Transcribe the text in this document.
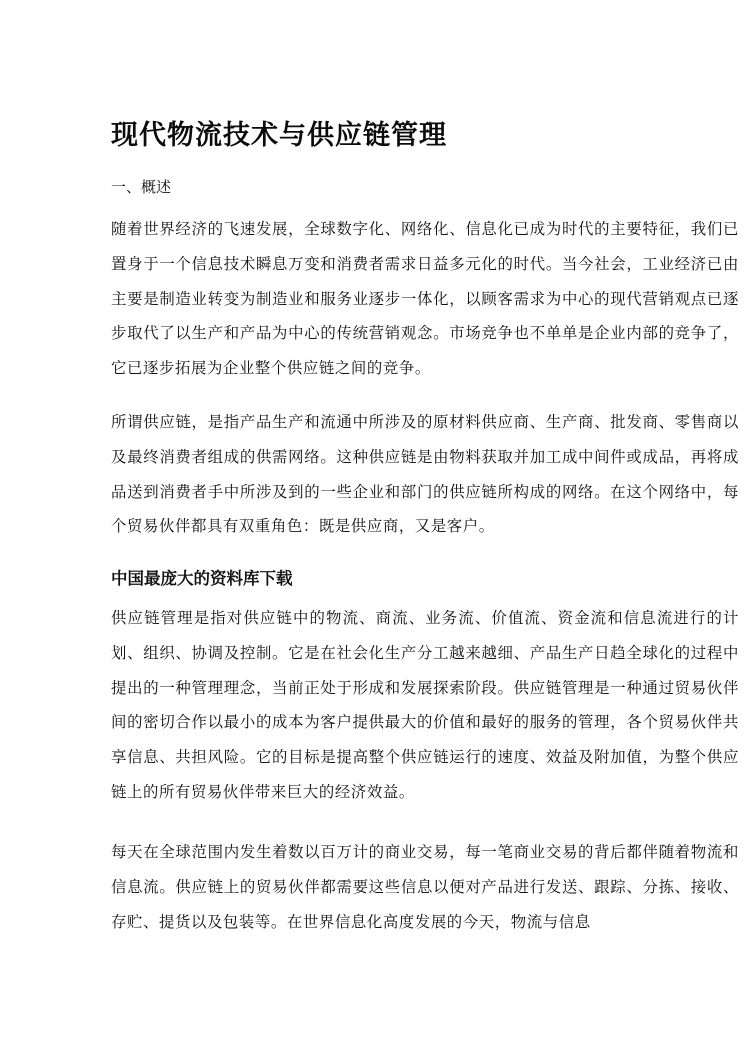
现代物流技术与供应链管理
一、概述

随着世界经济的飞速发展，全球数字化、网络化、信息化已成为时代的主要特征，我们已置身于一个信息技术瞬息万变和消费者需求日益多元化的时代。当今社会，工业经济已由主要是制造业转变为制造业和服务业逐步一体化，以顾客需求为中心的现代营销观点已逐步取代了以生产和产品为中心的传统营销观念。市场竞争也不单单是企业内部的竞争了，它已逐步拓展为企业整个供应链之间的竞争。

所谓供应链，是指产品生产和流通中所涉及的原材料供应商、生产商、批发商、零售商以及最终消费者组成的供需网络。这种供应链是由物料获取并加工成中间件或成品，再将成品送到消费者手中所涉及到的一些企业和部门的供应链所构成的网络。在这个网络中，每个贸易伙伴都具有双重角色：既是供应商，又是客户。

中国最庞大的资料库下载

供应链管理是指对供应链中的物流、商流、业务流、价值流、资金流和信息流进行的计划、组织、协调及控制。它是在社会化生产分工越来越细、产品生产日趋全球化的过程中提出的一种管理理念，当前正处于形成和发展探索阶段。供应链管理是一种通过贸易伙伴间的密切合作以最小的成本为客户提供最大的价值和最好的服务的管理，各个贸易伙伴共享信息、共担风险。它的目标是提高整个供应链运行的速度、效益及附加值，为整个供应链上的所有贸易伙伴带来巨大的经济效益。

每天在全球范围内发生着数以百万计的商业交易，每一笔商业交易的背后都伴随着物流和信息流。供应链上的贸易伙伴都需要这些信息以便对产品进行发送、跟踪、分拣、接收、存贮、提货以及包装等。在世界信息化高度发展的今天，物流与信息
